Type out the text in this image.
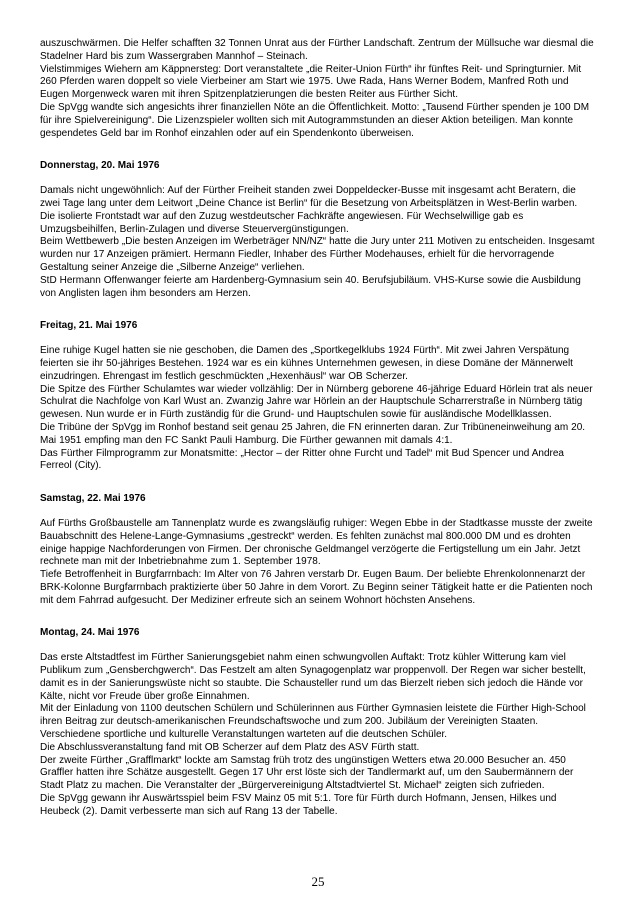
auszuschwärmen. Die Helfer schafften 32 Tonnen Unrat aus der Fürther Landschaft. Zentrum der Müllsuche war diesmal die Stadelner Hard bis zum Wassergraben Mannhof – Steinach.

Vielstimmiges Wiehern am Käppnersteg: Dort veranstaltete „die Reiter-Union Fürth“ ihr fünftes Reit- und Springturnier. Mit 260 Pferden waren doppelt so viele Vierbeiner am Start wie 1975. Uwe Rada, Hans Werner Bodem, Manfred Roth und Eugen Morgenweck waren mit ihren Spitzenplatzierungen die besten Reiter aus Fürther Sicht.

Die SpVgg wandte sich angesichts ihrer finanziellen Nöte an die Öffentlichkeit. Motto: „Tausend Fürther spenden je 100 DM für ihre Spielvereinigung“. Die Lizenzspieler wollten sich mit Autogrammstunden an dieser Aktion beteiligen. Man konnte gespendetes Geld bar im Ronhof einzahlen oder auf ein Spendenkonto überweisen.

Donnerstag, 20. Mai 1976

Damals nicht ungewöhnlich: Auf der Fürther Freiheit standen zwei Doppeldecker-Busse mit insgesamt acht Beratern, die zwei Tage lang unter dem Leitwort „Deine Chance ist Berlin“ für die Besetzung von Arbeitsplätzen in West-Berlin warben. Die isolierte Frontstadt war auf den Zuzug westdeutscher Fachkräfte angewiesen. Für Wechselwillige gab es Umzugsbeihilfen, Berlin-Zulagen und diverse Steuervergünstigungen.

Beim Wettbewerb „Die besten Anzeigen im Werbeträger NN/NZ“ hatte die Jury unter 211 Motiven zu entscheiden. Insgesamt wurden nur 17 Anzeigen prämiert. Hermann Fiedler, Inhaber des Fürther Modehauses, erhielt für die hervorragende Gestaltung seiner Anzeige die „Silberne Anzeige“ verliehen.

StD Hermann Offenwanger feierte am Hardenberg-Gymnasium sein 40. Berufsjubiläum. VHS-Kurse sowie die Ausbildung von Anglisten lagen ihm besonders am Herzen.

Freitag, 21. Mai 1976

Eine ruhige Kugel hatten sie nie geschoben, die Damen des „Sportkegelklubs 1924 Fürth“. Mit zwei Jahren Verspätung feierten sie ihr 50-jähriges Bestehen. 1924 war es ein kühnes Unternehmen gewesen, in diese Domäne der Männerwelt einzudringen. Ehrengast im festlich geschmückten „Hexenhäusl“ war OB Scherzer.

Die Spitze des Fürther Schulamtes war wieder vollzählig: Der in Nürnberg geborene 46-jährige Eduard Hörlein trat als neuer Schulrat die Nachfolge von Karl Wust an. Zwanzig Jahre war Hörlein an der Hauptschule Scharrerstraße in Nürnberg tätig gewesen. Nun wurde er in Fürth zuständig für die Grund- und Hauptschulen sowie für ausländische Modellklassen.

Die Tribüne der SpVgg im Ronhof bestand seit genau 25 Jahren, die FN erinnerten daran. Zur Tribüneneinweihung am 20. Mai 1951 empfing man den FC Sankt Pauli Hamburg. Die Fürther gewannen mit damals 4:1.

Das Fürther Filmprogramm zur Monatsmitte: „Hector – der Ritter ohne Furcht und Tadel“ mit Bud Spencer und Andrea Ferreol (City).

Samstag, 22. Mai 1976

Auf Fürths Großbaustelle am Tannenplatz wurde es zwangsläufig ruhiger: Wegen Ebbe in der Stadtkasse musste der zweite Bauabschnitt des Helene-Lange-Gymnasiums „gestreckt“ werden. Es fehlten zunächst mal 800.000 DM und es drohten einige happige Nachforderungen von Firmen. Der chronische Geldmangel verzögerte die Fertigstellung um ein Jahr. Jetzt rechnete man mit der Inbetriebnahme zum 1. September 1978.

Tiefe Betroffenheit in Burgfarrnbach: Im Alter von 76 Jahren verstarb Dr. Eugen Baum. Der beliebte Ehrenkolonnenarzt der BRK-Kolonne Burgfarrnbach praktizierte über 50 Jahre in dem Vorort. Zu Beginn seiner Tätigkeit hatte er die Patienten noch mit dem Fahrrad aufgesucht. Der Mediziner erfreute sich an seinem Wohnort höchsten Ansehens.

Montag, 24. Mai 1976

Das erste Altstadtfest im Fürther Sanierungsgebiet nahm einen schwungvollen Auftakt: Trotz kühler Witterung kam viel Publikum zum „Gensberchgwerch“. Das Festzelt am alten Synagogenplatz war proppenvoll. Der Regen war sicher bestellt, damit es in der Sanierungswüste nicht so staubte. Die Schausteller rund um das Bierzelt rieben sich jedoch die Hände vor Kälte, nicht vor Freude über große Einnahmen.

Mit der Einladung von 1100 deutschen Schülern und Schülerinnen aus Fürther Gymnasien leistete die Fürther High-School ihren Beitrag zur deutsch-amerikanischen Freundschaftswoche und zum 200. Jubiläum der Vereinigten Staaten. Verschiedene sportliche und kulturelle Veranstaltungen warteten auf die deutschen Schüler.

Die Abschlussveranstaltung fand mit OB Scherzer auf dem Platz des ASV Fürth statt.

Der zweite Fürther „Grafflmarkt“ lockte am Samstag früh trotz des ungünstigen Wetters etwa 20.000 Besucher an. 450 Graffler hatten ihre Schätze ausgestellt. Gegen 17 Uhr erst löste sich der Tandlermarkt auf, um den Saubermännern der Stadt Platz zu machen. Die Veranstalter der „Bürgervereinigung Altstadtviertel St. Michael“ zeigten sich zufrieden.

Die SpVgg gewann ihr Auswärtsspiel beim FSV Mainz 05 mit 5:1. Tore für Fürth durch Hofmann, Jensen, Hilkes und Heubeck (2). Damit verbesserte man sich auf Rang 13 der Tabelle.

25
